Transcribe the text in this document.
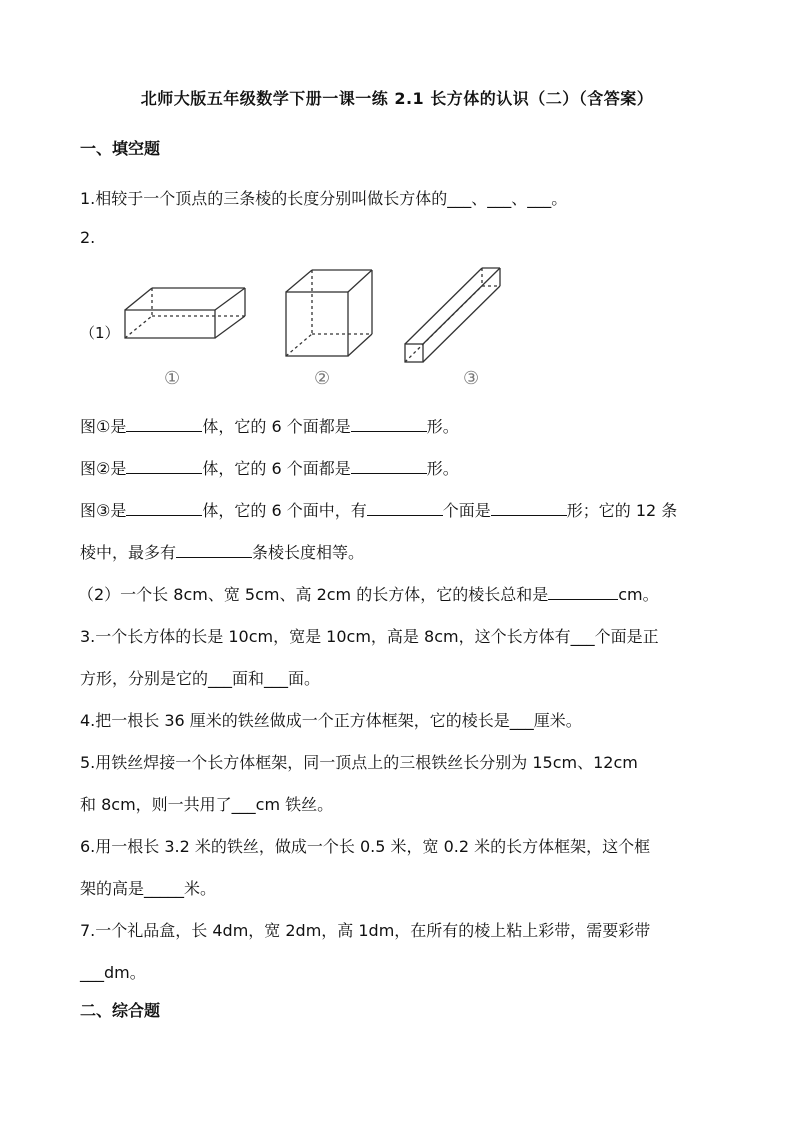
北师大版五年级数学下册一课一练 2.1 长方体的认识（二）（含答案）
一、填空题
1.相较于一个顶点的三条棱的长度分别叫做长方体的___、___、___。
2.
（1）
①	②	③
图①是	体，它的 6 个面都是	形。
图②是	体，它的 6 个面都是	形。
图③是	体，它的 6 个面中，有	个面是	形；它的 12 条
棱中，最多有	条棱长度相等。
（2）一个长 8cm、宽 5cm、高 2cm 的长方体，它的棱长总和是	cm。
3.一个长方体的长是 10cm，宽是 10cm，高是 8cm，这个长方体有___个面是正
方形，分别是它的___面和___面。
4.把一根长 36 厘米的铁丝做成一个正方体框架，它的棱长是___厘米。
5.用铁丝焊接一个长方体框架，同一顶点上的三根铁丝长分别为 15cm、12cm
和 8cm，则一共用了___cm 铁丝。
6.用一根长 3.2 米的铁丝，做成一个长 0.5 米，宽 0.2 米的长方体框架，这个框
架的高是_____米。
7.一个礼品盒，长 4dm，宽 2dm，高 1dm，在所有的棱上粘上彩带，需要彩带
___dm。
二、综合题
